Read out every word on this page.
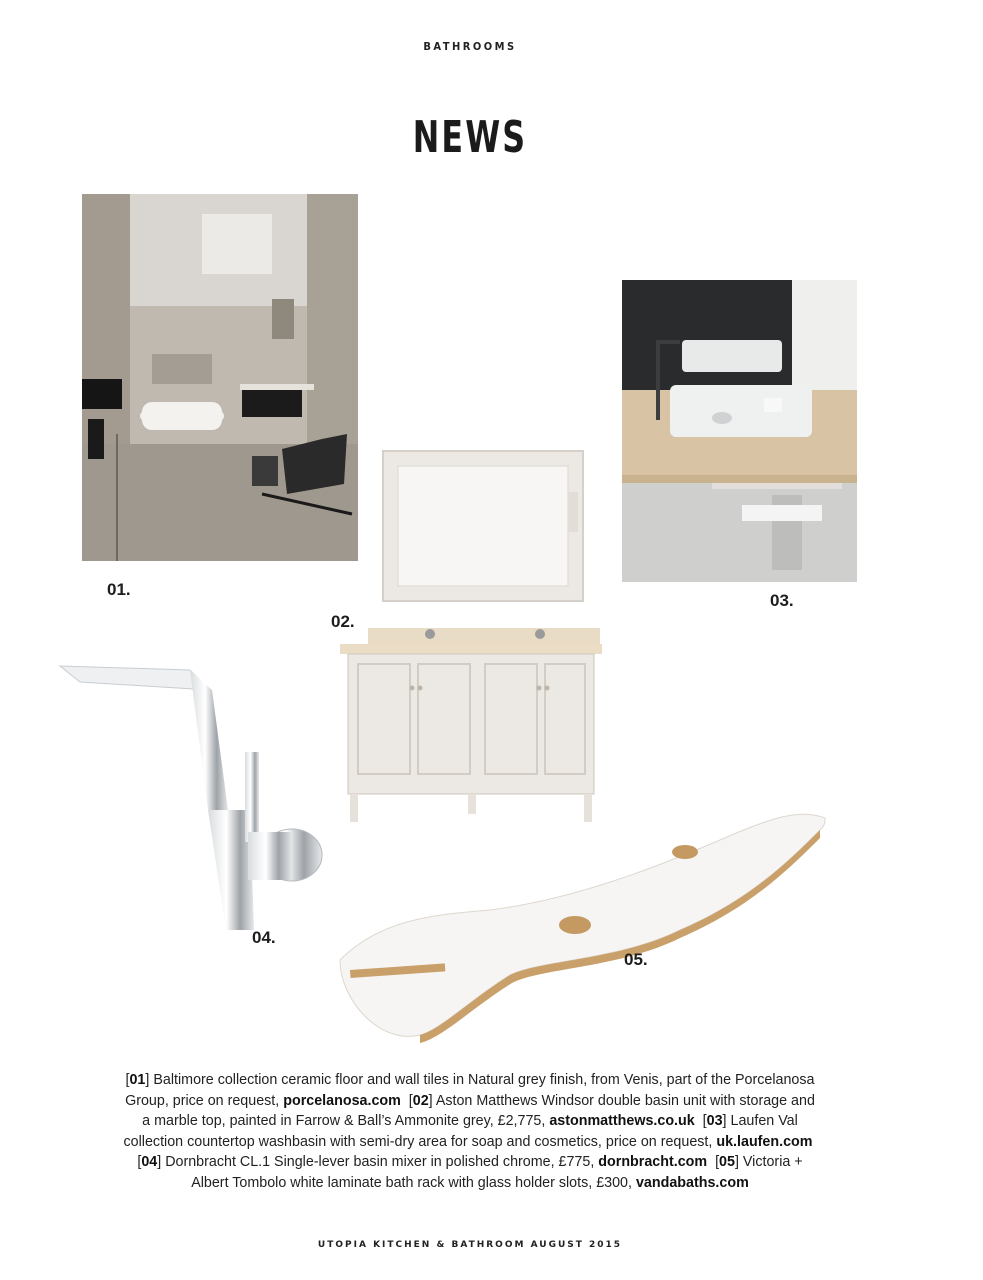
BATHROOMS
NEWS
01.
02.
03.
04.
05.
[01] Baltimore collection ceramic floor and wall tiles in Natural grey finish, from Venis, part of the Porcelanosa Group, price on request, porcelanosa.com  [02] Aston Matthews Windsor double basin unit with storage and a marble top, painted in Farrow & Ball’s Ammonite grey, £2,775, astonmatthews.co.uk  [03] Laufen Val collection countertop washbasin with semi-dry area for soap and cosmetics, price on request, uk.laufen.com  [04] Dornbracht CL.1 Single-lever basin mixer in polished chrome, £775, dornbracht.com  [05] Victoria + Albert Tombolo white laminate bath rack with glass holder slots, £300, vandabaths.com
UTOPIA KITCHEN & BATHROOM AUGUST 2015
